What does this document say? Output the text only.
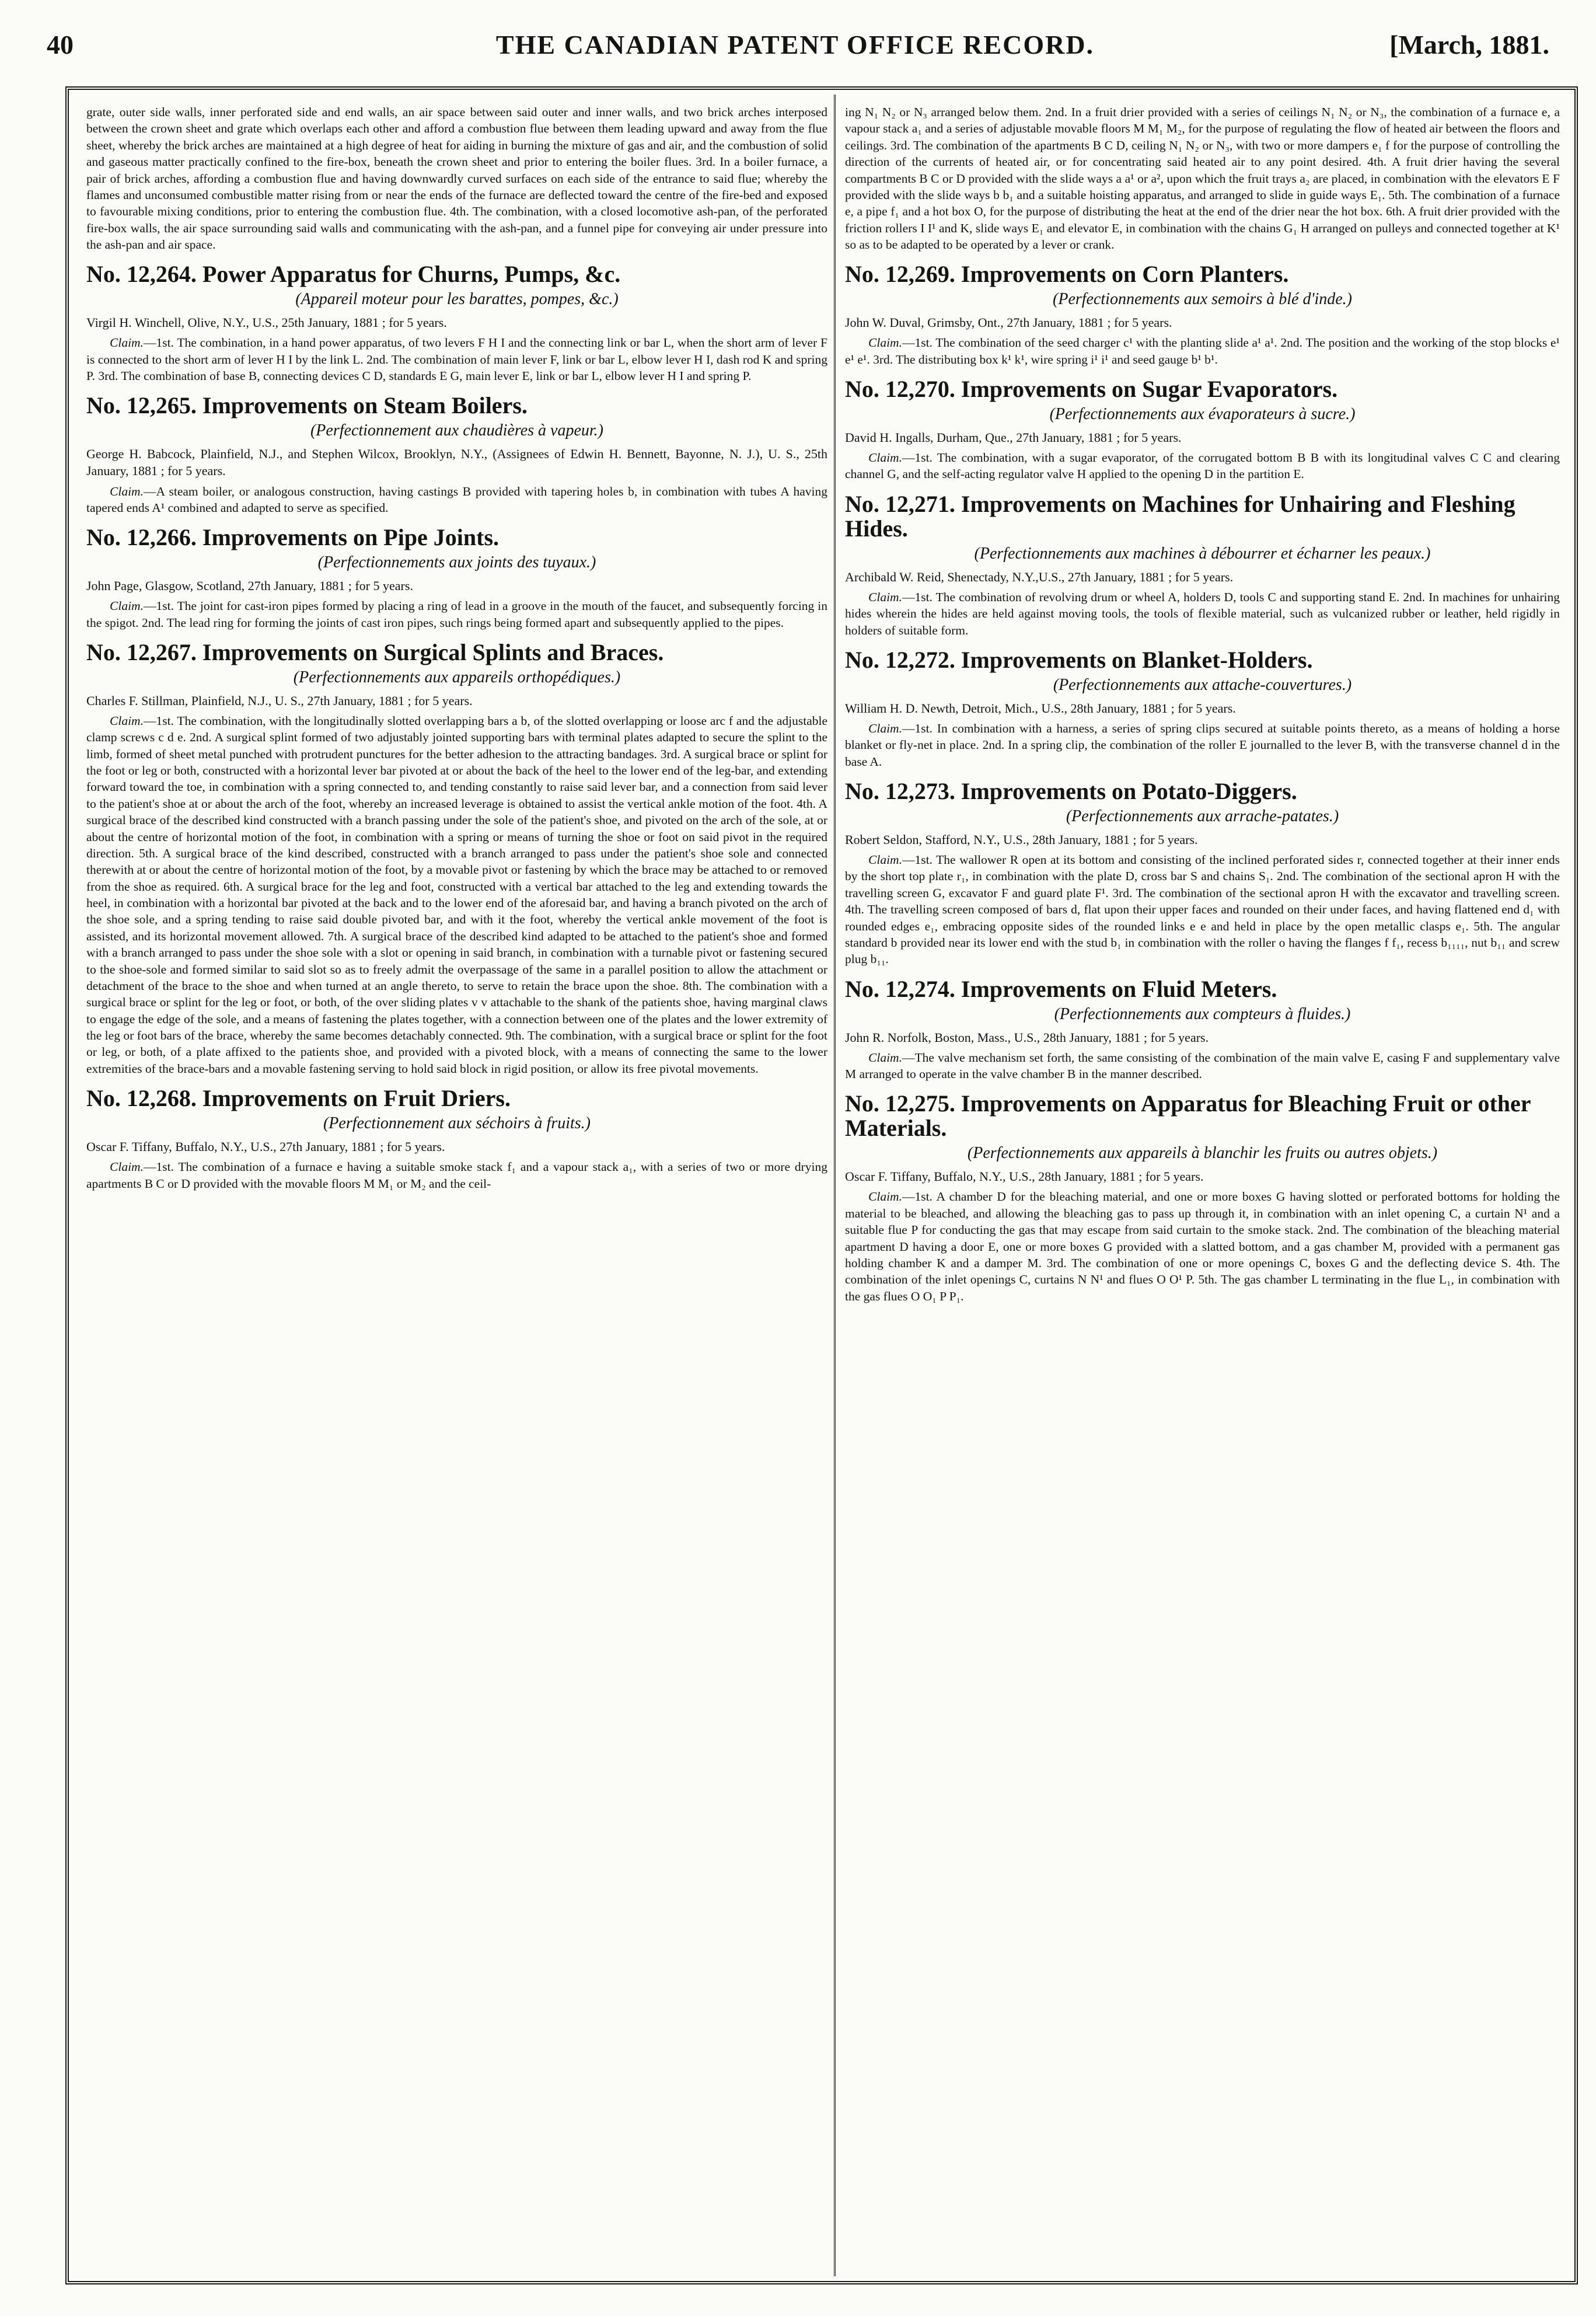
40	THE CANADIAN PATENT OFFICE RECORD.	[March, 1881.

grate, outer side walls, inner perforated side and end walls, an air space between said outer and inner walls, and two brick arches interposed between the crown sheet and grate which overlaps each other and afford a combustion flue between them leading upward and away from the flue sheet, whereby the brick arches are maintained at a high degree of heat for aiding in burning the mixture of gas and air, and the combustion of solid and gaseous matter practically confined to the fire-box, beneath the crown sheet and prior to entering the boiler flues. 3rd. In a boiler furnace, a pair of brick arches, affording a combustion flue and having downwardly curved surfaces on each side of the entrance to said flue; whereby the flames and unconsumed combustible matter rising from or near the ends of the furnace are deflected toward the centre of the fire-bed and exposed to favourable mixing conditions, prior to entering the combustion flue. 4th. The combination, with a closed locomotive ash-pan, of the perforated fire-box walls, the air space surrounding said walls and communicating with the ash-pan, and a funnel pipe for conveying air under pressure into the ash-pan and air space.

No. 12,264. Power Apparatus for Churns, Pumps, &c.
(Appareil moteur pour les barattes, pompes, &c.)
Virgil H. Winchell, Olive, N.Y., U.S., 25th January, 1881 ; for 5 years.

Claim.—1st. The combination, in a hand power apparatus, of two levers F H I and the connecting link or bar L, when the short arm of lever F is connected to the short arm of lever H I by the link L. 2nd. The combination of main lever F, link or bar L, elbow lever H I, dash rod K and spring P. 3rd. The combination of base B, connecting devices C D, standards E G, main lever E, link or bar L, elbow lever H I and spring P.

No. 12,265. Improvements on Steam Boilers.
(Perfectionnement aux chaudières à vapeur.)
George H. Babcock, Plainfield, N.J., and Stephen Wilcox, Brooklyn, N.Y., (Assignees of Edwin H. Bennett, Bayonne, N. J.), U. S., 25th January, 1881 ; for 5 years.

Claim.—A steam boiler, or analogous construction, having castings B provided with tapering holes b, in combination with tubes A having tapered ends A¹ combined and adapted to serve as specified.

No. 12,266. Improvements on Pipe Joints.
(Perfectionnements aux joints des tuyaux.)
John Page, Glasgow, Scotland, 27th January, 1881 ; for 5 years.

Claim.—1st. The joint for cast-iron pipes formed by placing a ring of lead in a groove in the mouth of the faucet, and subsequently forcing in the spigot. 2nd. The lead ring for forming the joints of cast iron pipes, such rings being formed apart and subsequently applied to the pipes.

No. 12,267. Improvements on Surgical Splints and Braces.
(Perfectionnements aux appareils orthopédiques.)
Charles F. Stillman, Plainfield, N.J., U. S., 27th January, 1881 ; for 5 years.

Claim.—1st. The combination, with the longitudinally slotted overlapping bars a b, of the slotted overlapping or loose arc f and the adjustable clamp screws c d e. 2nd. A surgical splint formed of two adjustably jointed supporting bars with terminal plates adapted to secure the splint to the limb, formed of sheet metal punched with protrudent punctures for the better adhesion to the attracting bandages. 3rd. A surgical brace or splint for the foot or leg or both, constructed with a horizontal lever bar pivoted at or about the back of the heel to the lower end of the leg-bar, and extending forward toward the toe, in combination with a spring connected to, and tending constantly to raise said lever bar, and a connection from said lever to the patient's shoe at or about the arch of the foot, whereby an increased leverage is obtained to assist the vertical ankle motion of the foot. 4th. A surgical brace of the described kind constructed with a branch passing under the sole of the patient's shoe, and pivoted on the arch of the sole, at or about the centre of horizontal motion of the foot, in combination with a spring or means of turning the shoe or foot on said pivot in the required direction. 5th. A surgical brace of the kind described, constructed with a branch arranged to pass under the patient's shoe sole and connected therewith at or about the centre of horizontal motion of the foot, by a movable pivot or fastening by which the brace may be attached to or removed from the shoe as required. 6th. A surgical brace for the leg and foot, constructed with a vertical bar attached to the leg and extending towards the heel, in combination with a horizontal bar pivoted at the back and to the lower end of the aforesaid bar, and having a branch pivoted on the arch of the shoe sole, and a spring tending to raise said double pivoted bar, and with it the foot, whereby the vertical ankle movement of the foot is assisted, and its horizontal movement allowed. 7th. A surgical brace of the described kind adapted to be attached to the patient's shoe and formed with a branch arranged to pass under the shoe sole with a slot or opening in said branch, in combination with a turnable pivot or fastening secured to the shoe-sole and formed similar to said slot so as to freely admit the overpassage of the same in a parallel position to allow the attachment or detachment of the brace to the shoe and when turned at an angle thereto, to serve to retain the brace upon the shoe. 8th. The combination with a surgical brace or splint for the leg or foot, or both, of the over sliding plates v v attachable to the shank of the patients shoe, having marginal claws to engage the edge of the sole, and a means of fastening the plates together, with a connection between one of the plates and the lower extremity of the leg or foot bars of the brace, whereby the same becomes detachably connected. 9th. The combination, with a surgical brace or splint for the foot or leg, or both, of a plate affixed to the patients shoe, and provided with a pivoted block, with a means of connecting the same to the lower extremities of the brace-bars and a movable fastening serving to hold said block in rigid position, or allow its free pivotal movements.

No. 12,268. Improvements on Fruit Driers.
(Perfectionnement aux séchoirs à fruits.)
Oscar F. Tiffany, Buffalo, N.Y., U.S., 27th January, 1881 ; for 5 years.

Claim.—1st. The combination of a furnace e having a suitable smoke stack f₁ and a vapour stack a₁, with a series of two or more drying apartments B C or D provided with the movable floors M M₁ or M₂ and the ceil-

ing N₁ N₂ or N₃ arranged below them. 2nd. In a fruit drier provided with a series of ceilings N₁ N₂ or N₃, the combination of a furnace e, a vapour stack a₁ and a series of adjustable movable floors M M₁ M₂, for the purpose of regulating the flow of heated air between the floors and ceilings. 3rd. The combination of the apartments B C D, ceiling N₁ N₂ or N₃, with two or more dampers e₁ f for the purpose of controlling the direction of the currents of heated air, or for concentrating said heated air to any point desired. 4th. A fruit drier having the several compartments B C or D provided with the slide ways a a¹ or a², upon which the fruit trays a₂ are placed, in combination with the elevators E F provided with the slide ways b b₁ and a suitable hoisting apparatus, and arranged to slide in guide ways E₁. 5th. The combination of a furnace e, a pipe f₁ and a hot box O, for the purpose of distributing the heat at the end of the drier near the hot box. 6th. A fruit drier provided with the friction rollers I I¹ and K, slide ways E₁ and elevator E, in combination with the chains G₁ H arranged on pulleys and connected together at K¹ so as to be adapted to be operated by a lever or crank.

No. 12,269. Improvements on Corn Planters.
(Perfectionnements aux semoirs à blé d'inde.)
John W. Duval, Grimsby, Ont., 27th January, 1881 ; for 5 years.

Claim.—1st. The combination of the seed charger c¹ with the planting slide a¹ a¹. 2nd. The position and the working of the stop blocks e¹ e¹ e¹. 3rd. The distributing box k¹ k¹, wire spring i¹ i¹ and seed gauge b¹ b¹.

No. 12,270. Improvements on Sugar Evaporators.
(Perfectionnements aux évaporateurs à sucre.)
David H. Ingalls, Durham, Que., 27th January, 1881 ; for 5 years.

Claim.—1st. The combination, with a sugar evaporator, of the corrugated bottom B B with its longitudinal valves C C and clearing channel G, and the self-acting regulator valve H applied to the opening D in the partition E.

No. 12,271. Improvements on Machines for Unhairing and Fleshing Hides.
(Perfectionnements aux machines à débourrer et écharner les peaux.)
Archibald W. Reid, Shenectady, N.Y.,U.S., 27th January, 1881 ; for 5 years.

Claim.—1st. The combination of revolving drum or wheel A, holders D, tools C and supporting stand E. 2nd. In machines for unhairing hides wherein the hides are held against moving tools, the tools of flexible material, such as vulcanized rubber or leather, held rigidly in holders of suitable form.

No. 12,272. Improvements on Blanket-Holders.
(Perfectionnements aux attache-couvertures.)
William H. D. Newth, Detroit, Mich., U.S., 28th January, 1881 ; for 5 years.

Claim.—1st. In combination with a harness, a series of spring clips secured at suitable points thereto, as a means of holding a horse blanket or fly-net in place. 2nd. In a spring clip, the combination of the roller E journalled to the lever B, with the transverse channel d in the base A.

No. 12,273. Improvements on Potato-Diggers.
(Perfectionnements aux arrache-patates.)
Robert Seldon, Stafford, N.Y., U.S., 28th January, 1881 ; for 5 years.

Claim.—1st. The wallower R open at its bottom and consisting of the inclined perforated sides r, connected together at their inner ends by the short top plate r₁, in combination with the plate D, cross bar S and chains S₁. 2nd. The combination of the sectional apron H with the travelling screen G, excavator F and guard plate F¹. 3rd. The combination of the sectional apron H with the excavator and travelling screen. 4th. The travelling screen composed of bars d, flat upon their upper faces and rounded on their under faces, and having flattened end d₁ with rounded edges e₁, embracing opposite sides of the rounded links e e and held in place by the open metallic clasps e₁. 5th. The angular standard b provided near its lower end with the stud b₁ in combination with the roller o having the flanges f f₁, recess b₁₁₁₁, nut b₁₁ and screw plug b₁₁.

No. 12,274. Improvements on Fluid Meters.
(Perfectionnements aux compteurs à fluides.)
John R. Norfolk, Boston, Mass., U.S., 28th January, 1881 ; for 5 years.

Claim.—The valve mechanism set forth, the same consisting of the combination of the main valve E, casing F and supplementary valve M arranged to operate in the valve chamber B in the manner described.

No. 12,275. Improvements on Apparatus for Bleaching Fruit or other Materials.
(Perfectionnements aux appareils à blanchir les fruits ou autres objets.)
Oscar F. Tiffany, Buffalo, N.Y., U.S., 28th January, 1881 ; for 5 years.

Claim.—1st. A chamber D for the bleaching material, and one or more boxes G having slotted or perforated bottoms for holding the material to be bleached, and allowing the bleaching gas to pass up through it, in combination with an inlet opening C, a curtain N¹ and a suitable flue P for conducting the gas that may escape from said curtain to the smoke stack. 2nd. The combination of the bleaching material apartment D having a door E, one or more boxes G provided with a slatted bottom, and a gas chamber M, provided with a permanent gas holding chamber K and a damper M. 3rd. The combination of one or more openings C, boxes G and the deflecting device S. 4th. The combination of the inlet openings C, curtains N N¹ and flues O O¹ P. 5th. The gas chamber L terminating in the flue L₁, in combination with the gas flues O O₁ P P₁.
